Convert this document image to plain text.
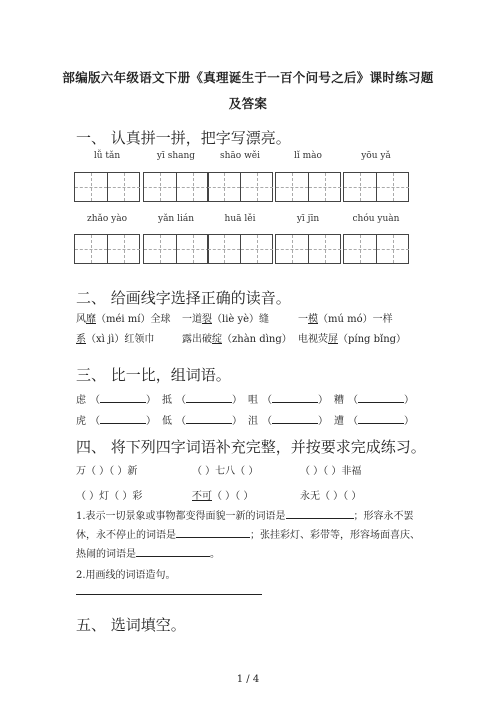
部编版六年级语文下册《真理诞生于一百个问号之后》课时练习题
及答案
一、 认真拼一拼，把字写漂亮。
lǚ tǎn	yī shang	shāo wěi	lǐ mào	yōu yǎ
zhǎo yào	yǎn lián	huā lěi	yī jīn	chóu yuàn
二、 给画线字选择正确的读音。
风靡（méi mí）全球 一道裂（liè yè）缝	一模（mú mó）一样
系（xì jì）红领巾	露出破绽（zhàn dìng） 电视荧屏（píng bǐng）
三、 比一比，组词语。
虑 （	） 抵 （	） 咀 （	） 糟 （	）
虎 （	） 低 （	） 沮 （	） 遭 （	）
四、 将下列四字词语补充完整，并按要求完成练习。
万（ ）（ ）新	（ ）七八（ ）	（ ）（ ）非福
（ ）灯（ ）彩	不可（ ）（ ）	永无（ ）（ ）
1.表示一切景象或事物都变得面貌一新的词语是	；形容永不罢
休，永不停止的词语是	；张挂彩灯、彩带等，形容场面喜庆、
热闹的词语是	。
2.用画线的词语造句。
五、 选词填空。
1 / 4
